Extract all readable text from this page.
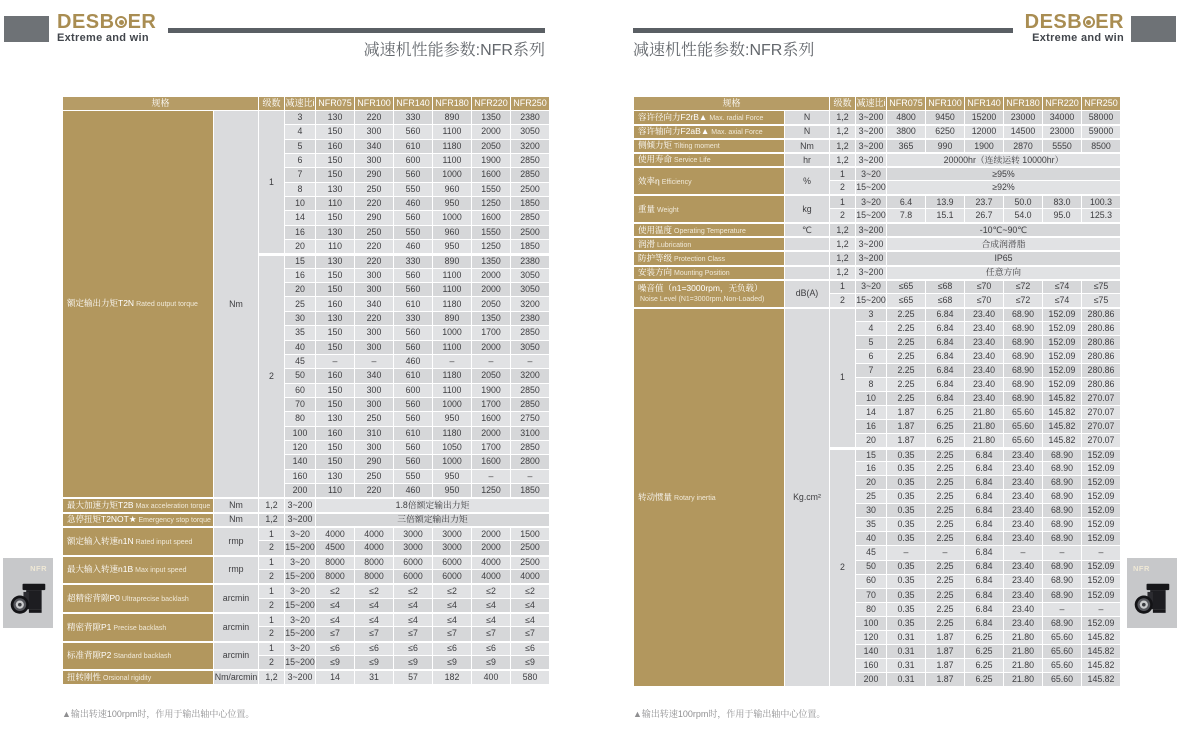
DESB ER
Extreme and win
减速机性能参数:NFR系列	减速机性能参数:NFR系列
DESB ER
Extreme and win
规格		级数	减速比i	NFR075	NFR100	NFR140	NFR180	NFR220	NFR250
额定输出力矩T2N Rated output torque	Nm	1	3	130	220	330	890	1350	2380
			4	150	300	560	1100	2000	3050
			5	160	340	610	1180	2050	3200
			6	150	300	600	1100	1900	2850
			7	150	290	560	1000	1600	2850
			8	130	250	550	960	1550	2500
			10	110	220	460	950	1250	1850
			14	150	290	560	1000	1600	2850
			16	130	250	550	960	1550	2500
			20	110	220	460	950	1250	1850
		2	15	130	220	330	890	1350	2380
			16	150	300	560	1100	2000	3050
			20	150	300	560	1100	2000	3050
			25	160	340	610	1180	2050	3200
			30	130	220	330	890	1350	2380
			35	150	300	560	1000	1700	2850
			40	150	300	560	1100	2000	3050
			45	–	–	460	–	–	–
			50	160	340	610	1180	2050	3200
			60	150	300	600	1100	1900	2850
			70	150	300	560	1000	1700	2850
			80	130	250	560	950	1600	2750
			100	160	310	610	1180	2000	3100
			120	150	300	560	1050	1700	2850
			140	150	290	560	1000	1600	2800
			160	130	250	550	950	–	–
			200	110	220	460	950	1250	1850
最大加速力矩T2B Max acceleration torque	Nm	1,2	3~200	1.8倍额定输出力矩					
急停扭矩T2NOT★ Emergency stop torque	Nm	1,2	3~200	三倍额定输出力矩					
额定输入转速n1N Rated input speed	rmp	1	3~20	4000	4000	3000	3000	2000	1500
		2	15~200	4500	4000	3000	3000	2000	2500
最大输入转速n1B Max input speed	rmp	1	3~20	8000	8000	6000	6000	4000	2500
		2	15~200	8000	8000	6000	6000	4000	4000
超精密背隙P0 Ultraprecise backlash	arcmin	1	3~20	≤2	≤2	≤2	≤2	≤2	≤2
		2	15~200	≤4	≤4	≤4	≤4	≤4	≤4
精密背隙P1 Precise backlash	arcmin	1	3~20	≤4	≤4	≤4	≤4	≤4	≤4
		2	15~200	≤7	≤7	≤7	≤7	≤7	≤7
标准背隙P2 Standard backlash	arcmin	1	3~20	≤6	≤6	≤6	≤6	≤6	≤6
		2	15~200	≤9	≤9	≤9	≤9	≤9	≤9
扭转刚性 Orsional rigidity	Nm/arcmin	1,2	3~200	14	31	57	182	400	580
规格		级数	减速比i	NFR075	NFR100	NFR140	NFR180	NFR220	NFR250
容许径向力F2rB▲ Max. radial Force	N	1,2	3~200	4800	9450	15200	23000	34000	58000
容许轴向力F2aB▲ Max. axial Force	N	1,2	3~200	3800	6250	12000	14500	23000	59000
侧倾力矩 Tilting moment	Nm	1,2	3~200	365	990	1900	2870	5550	8500
使用寿命 Service Life	hr	1,2	3~200	20000hr（连续运转 10000hr）					
效率η Efficiency	%	1	3~20	≥95%					
		2	15~200	≥92%					
重量 Weight	kg	1	3~20	6.4	13.9	23.7	50.0	83.0	100.3
		2	15~200	7.8	15.1	26.7	54.0	95.0	125.3
使用温度 Operating Temperature	℃	1,2	3~200	-10℃~90℃					
润滑 Lubrication		1,2	3~200	合成润滑脂					
防护等级 Protection Class		1,2	3~200	IP65					
安装方向 Mounting Position		1,2	3~200	任意方向					
噪音值（n1=3000rpm，无负载）Noise Level (N1=3000rpm,Non-Loaded)	dB(A)	1	3~20	≤65	≤68	≤70	≤72	≤74	≤75
		2	15~200	≤65	≤68	≤70	≤72	≤74	≤75
转动惯量 Rotary inertia	Kg.cm²	1	3	2.25	6.84	23.40	68.90	152.09	280.86
			4	2.25	6.84	23.40	68.90	152.09	280.86
			5	2.25	6.84	23.40	68.90	152.09	280.86
			6	2.25	6.84	23.40	68.90	152.09	280.86
			7	2.25	6.84	23.40	68.90	152.09	280.86
			8	2.25	6.84	23.40	68.90	152.09	280.86
			10	2.25	6.84	23.40	68.90	145.82	270.07
			14	1.87	6.25	21.80	65.60	145.82	270.07
			16	1.87	6.25	21.80	65.60	145.82	270.07
			20	1.87	6.25	21.80	65.60	145.82	270.07
		2	15	0.35	2.25	6.84	23.40	68.90	152.09
			16	0.35	2.25	6.84	23.40	68.90	152.09
			20	0.35	2.25	6.84	23.40	68.90	152.09
			25	0.35	2.25	6.84	23.40	68.90	152.09
			30	0.35	2.25	6.84	23.40	68.90	152.09
			35	0.35	2.25	6.84	23.40	68.90	152.09
			40	0.35	2.25	6.84	23.40	68.90	152.09
			45	–	–	6.84	–	–	–
			50	0.35	2.25	6.84	23.40	68.90	152.09
			60	0.35	2.25	6.84	23.40	68.90	152.09
			70	0.35	2.25	6.84	23.40	68.90	152.09
			80	0.35	2.25	6.84	23.40	–	–
			100	0.35	2.25	6.84	23.40	68.90	152.09
			120	0.31	1.87	6.25	21.80	65.60	145.82
			140	0.31	1.87	6.25	21.80	65.60	145.82
			160	0.31	1.87	6.25	21.80	65.60	145.82
			200	0.31	1.87	6.25	21.80	65.60	145.82
NFR	NFR
▲输出转速100rpm时，作用于输出轴中心位置。	▲输出转速100rpm时，作用于输出轴中心位置。
